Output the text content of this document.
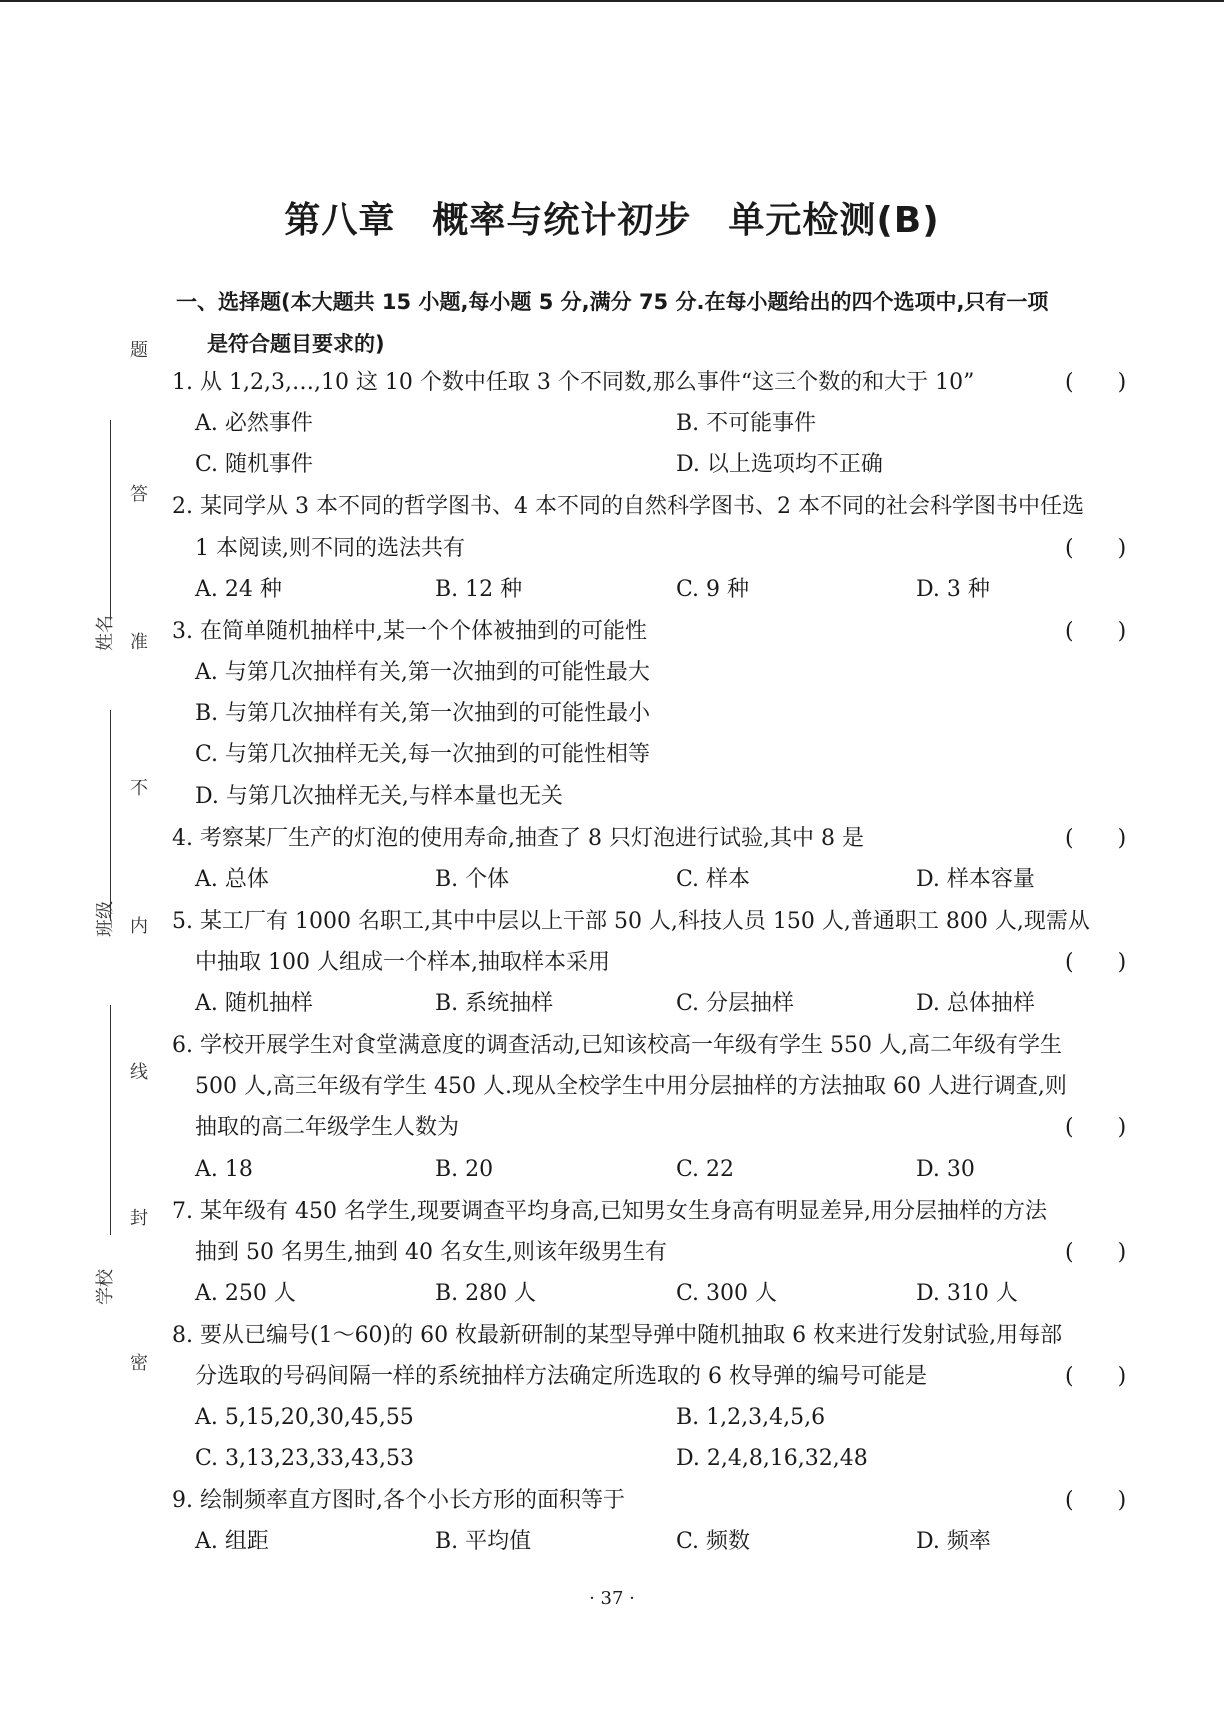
题
答
准
不
内
线
封
密
姓名
班级
学校
第八章　概率与统计初步　单元检测(B)
一、选择题(本大题共 15 小题,每小题 5 分,满分 75 分.在每小题给出的四个选项中,只有一项
是符合题目要求的)
1. 从 1,2,3,…,10 这 10 个数中任取 3 个不同数,那么事件“这三个数的和大于 10”	(　　)
A. 必然事件	B. 不可能事件
C. 随机事件	D. 以上选项均不正确
2. 某同学从 3 本不同的哲学图书、4 本不同的自然科学图书、2 本不同的社会科学图书中任选
1 本阅读,则不同的选法共有	(　　)
A. 24 种	B. 12 种	C. 9 种	D. 3 种
3. 在简单随机抽样中,某一个个体被抽到的可能性	(　　)
A. 与第几次抽样有关,第一次抽到的可能性最大
B. 与第几次抽样有关,第一次抽到的可能性最小
C. 与第几次抽样无关,每一次抽到的可能性相等
D. 与第几次抽样无关,与样本量也无关
4. 考察某厂生产的灯泡的使用寿命,抽查了 8 只灯泡进行试验,其中 8 是	(　　)
A. 总体	B. 个体	C. 样本	D. 样本容量
5. 某工厂有 1000 名职工,其中中层以上干部 50 人,科技人员 150 人,普通职工 800 人,现需从
中抽取 100 人组成一个样本,抽取样本采用	(　　)
A. 随机抽样	B. 系统抽样	C. 分层抽样	D. 总体抽样
6. 学校开展学生对食堂满意度的调查活动,已知该校高一年级有学生 550 人,高二年级有学生
500 人,高三年级有学生 450 人.现从全校学生中用分层抽样的方法抽取 60 人进行调查,则
抽取的高二年级学生人数为	(　　)
A. 18	B. 20	C. 22	D. 30
7. 某年级有 450 名学生,现要调查平均身高,已知男女生身高有明显差异,用分层抽样的方法
抽到 50 名男生,抽到 40 名女生,则该年级男生有	(　　)
A. 250 人	B. 280 人	C. 300 人	D. 310 人
8. 要从已编号(1～60)的 60 枚最新研制的某型导弹中随机抽取 6 枚来进行发射试验,用每部
分选取的号码间隔一样的系统抽样方法确定所选取的 6 枚导弹的编号可能是	(　　)
A. 5,15,20,30,45,55	B. 1,2,3,4,5,6
C. 3,13,23,33,43,53	D. 2,4,8,16,32,48
9. 绘制频率直方图时,各个小长方形的面积等于	(　　)
A. 组距	B. 平均值	C. 频数	D. 频率
· 37 ·
